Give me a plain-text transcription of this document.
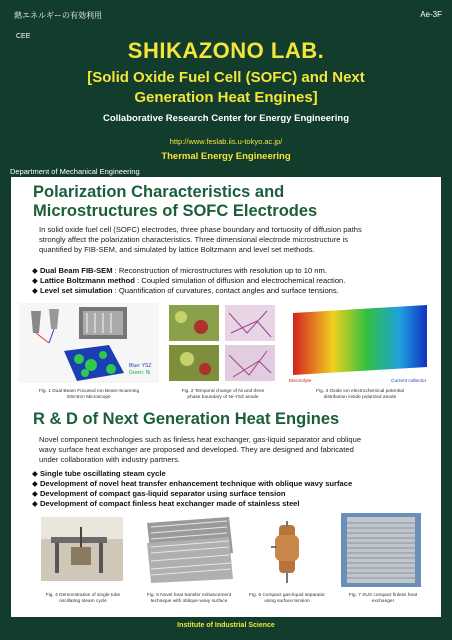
熱エネルギーの有効利用	Ae-3F
CEE
SHIKAZONO LAB.
[Solid Oxide Fuel Cell (SOFC) and Next
Generation Heat Engines]
Collaborative Research Center for Energy Engineering
http://www.feslab.iis.u-tokyo.ac.jp/
Thermal Energy Engineering
Department of Mechanical Engineering
Polarization Characteristics and
Microstructures of SOFC Electrodes
In solid oxide fuel cell (SOFC) electrodes, three phase boundary and tortuosity of diffusion paths
strongly affect the polarization characteristics. Three dimensional electrode microstructure is
quantified by FIB-SEM, and simulated by lattice Boltzmann and level set methods.
◆ Dual Beam FIB-SEM : Reconstruction of microstructures with resolution up to 10 nm.
◆ Lattice Boltzmann method : Coupled simulation of diffusion and electrochemical reaction.
◆ Level set simulation : Quantification of curvatures, contact angles and surface tensions.
Blue: YSZ
Green: Ni
Fig. 1 Dual Beam Focused Ion Beam-Scanning
Electron Microscope
Fig. 2 Temporal change of Ni and three
phase boundary of Ni-YSZ anode
Electrolyte	Current collector
Fig. 3 Oxide ion electrochemical potential
distribution inside polarized anode
R & D of Next Generation Heat Engines
Novel component technologies such as finless heat exchanger, gas-liquid separator and oblique
wavy surface heat exchanger are proposed and developed. They are designed and fabricated
under collaboration with industry partners.
◆ Single tube oscillating steam cycle
◆ Development of novel heat transfer enhancement technique with oblique wavy surface
◆ Development of compact gas-liquid separator using surface tension
◆ Development of compact finless heat exchanger made of stainless steel
Fig. 4 Demonstration of single tube
oscillating steam cycle
Fig. 5 Novel heat transfer enhancement
technique with oblique wavy surface
Fig. 6 Compact gas-liquid separator
using surface tension
Fig. 7 SUS compact finless heat
exchanger
Institute of Industrial Science
